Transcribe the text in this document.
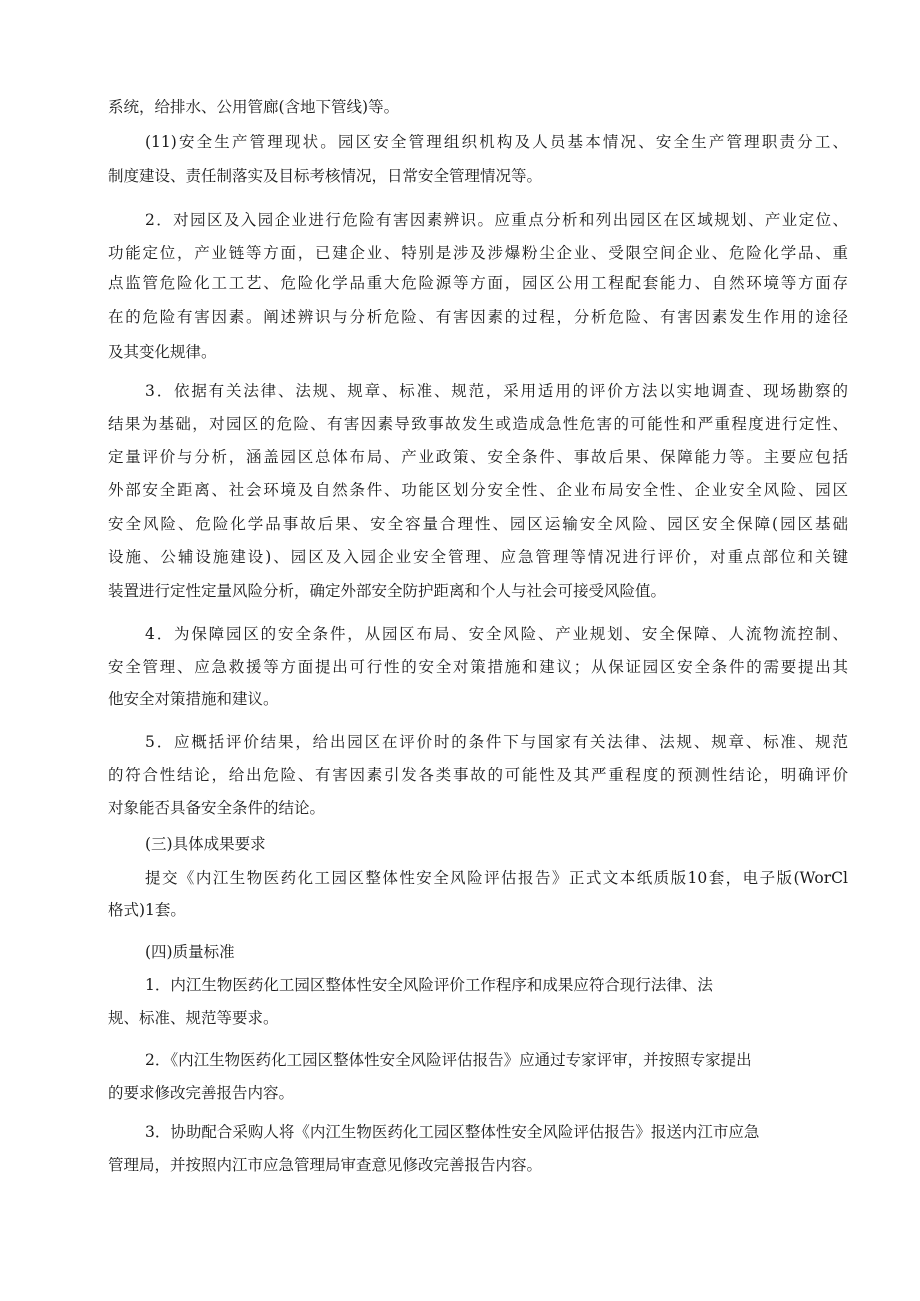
系统，给排水、公用管廊(含地下管线)等。
(11)安全生产管理现状。园区安全管理组织机构及人员基本情况、安全生产管理职责分工、
制度建设、责任制落实及目标考核情况，日常安全管理情况等。
2．对园区及入园企业进行危险有害因素辨识。应重点分析和列出园区在区域规划、产业定位、
功能定位，产业链等方面，已建企业、特别是涉及涉爆粉尘企业、受限空间企业、危险化学品、重
点监管危险化工工艺、危险化学品重大危险源等方面，园区公用工程配套能力、自然环境等方面存
在的危险有害因素。阐述辨识与分析危险、有害因素的过程，分析危险、有害因素发生作用的途径
及其变化规律。
3．依据有关法律、法规、规章、标准、规范，采用适用的评价方法以实地调查、现场勘察的
结果为基础，对园区的危险、有害因素导致事故发生或造成急性危害的可能性和严重程度进行定性、
定量评价与分析，涵盖园区总体布局、产业政策、安全条件、事故后果、保障能力等。主要应包括
外部安全距离、社会环境及自然条件、功能区划分安全性、企业布局安全性、企业安全风险、园区
安全风险、危险化学品事故后果、安全容量合理性、园区运输安全风险、园区安全保障(园区基础
设施、公辅设施建设)、园区及入园企业安全管理、应急管理等情况进行评价，对重点部位和关键
装置进行定性定量风险分析，确定外部安全防护距离和个人与社会可接受风险值。
4．为保障园区的安全条件，从园区布局、安全风险、产业规划、安全保障、人流物流控制、
安全管理、应急救援等方面提出可行性的安全对策措施和建议；从保证园区安全条件的需要提出其
他安全对策措施和建议。
5．应概括评价结果，给出园区在评价时的条件下与国家有关法律、法规、规章、标准、规范
的符合性结论，给出危险、有害因素引发各类事故的可能性及其严重程度的预测性结论，明确评价
对象能否具备安全条件的结论。
(三)具体成果要求
提交《内江生物医药化工园区整体性安全风险评估报告》正式文本纸质版10套，电子版(WorCl
格式)1套。
(四)质量标准
1．内江生物医药化工园区整体性安全风险评价工作程序和成果应符合现行法律、法
规、标准、规范等要求。
2．《内江生物医药化工园区整体性安全风险评估报告》应通过专家评审，并按照专家提出
的要求修改完善报告内容。
3．协助配合采购人将《内江生物医药化工园区整体性安全风险评估报告》报送内江市应急
管理局，并按照内江市应急管理局审查意见修改完善报告内容。
